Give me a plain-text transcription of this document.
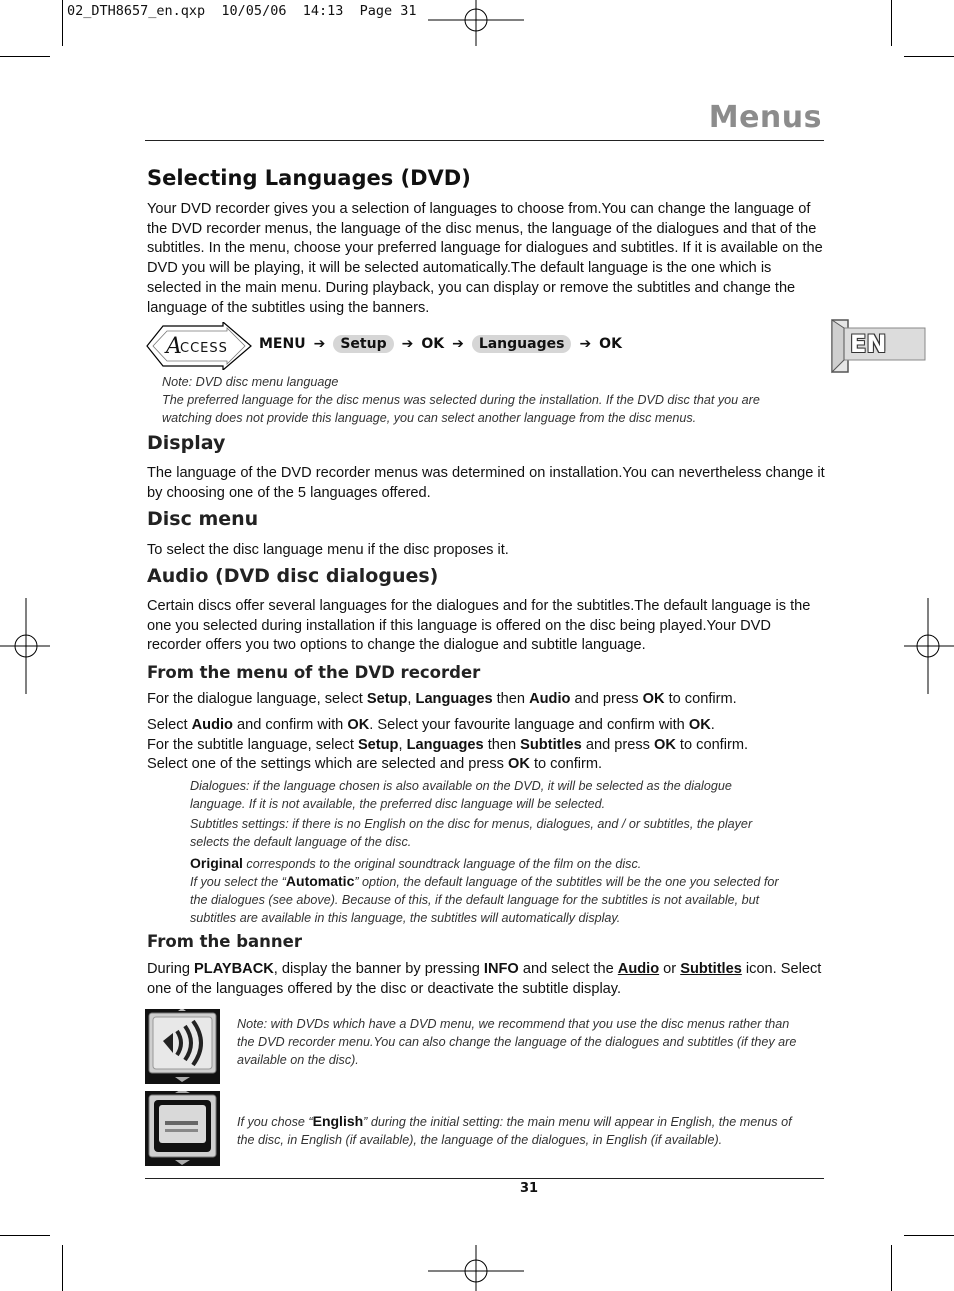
02_DTH8657_en.qxp  10/05/06  14:13  Page 31
Menus
EN
Selecting Languages (DVD)

Your DVD recorder gives you a selection of languages to choose from.You can change the language of the DVD recorder menus, the language of the disc menus, the language of the dialogues and that of the subtitles. In the menu, choose your preferred language for dialogues and subtitles. If it is available on the DVD you will be playing, it will be selected automatically.The default language is the one which is selected in the main menu. During playback, you can display or remove the subtitles and change the language of the subtitles using the banners.

A
CCESS MENU ➔	Setup	➔ OK ➔	Languages	➔ OK

Note: DVD disc menu language

The preferred language for the disc menus was selected during the installation. If the DVD disc that you are watching does not provide this language, you can select another language from the disc menus.

Display

The language of the DVD recorder menus was determined on installation.You can nevertheless change it by choosing one of the 5 languages offered.

Disc menu

To select the disc language menu if the disc proposes it.

Audio (DVD disc dialogues)

Certain discs offer several languages for the dialogues and for the subtitles.The default language is the one you selected during installation if this language is offered on the disc being played.Your DVD recorder offers you two options to change the dialogue and subtitle language.

From the menu of the DVD recorder

For the dialogue language, select Setup, Languages then Audio and press OK to confirm.

Select Audio and confirm with OK. Select your favourite language and confirm with OK.
For the subtitle language, select Setup, Languages then Subtitles and press OK to confirm.
Select one of the settings which are selected and press OK to confirm.

Dialogues: if the language chosen is also available on the DVD, it will be selected as the dialogue language. If it is not available, the preferred disc language will be selected.

Subtitles settings: if there is no English on the disc for menus, dialogues, and / or subtitles, the player selects the default language of the disc.

Original corresponds to the original soundtrack language of the film on the disc.

If you select the “Automatic” option, the default language of the subtitles will be the one you selected for the dialogues (see above). Because of this, if the default language for the subtitles is not available, but subtitles are available in this language, the subtitles will automatically display.

From the banner

During PLAYBACK, display the banner by pressing INFO and select the Audio or Subtitles icon. Select one of the languages offered by the disc or deactivate the subtitle display.

Note: with DVDs which have a DVD menu, we recommend that you use the disc menus rather than the DVD recorder menu.You can also change the language of the dialogues and subtitles (if they are available on the disc).

If you chose “English” during the initial setting: the main menu will appear in English, the menus of the disc, in English (if available), the language of the dialogues, in English (if available).

31
